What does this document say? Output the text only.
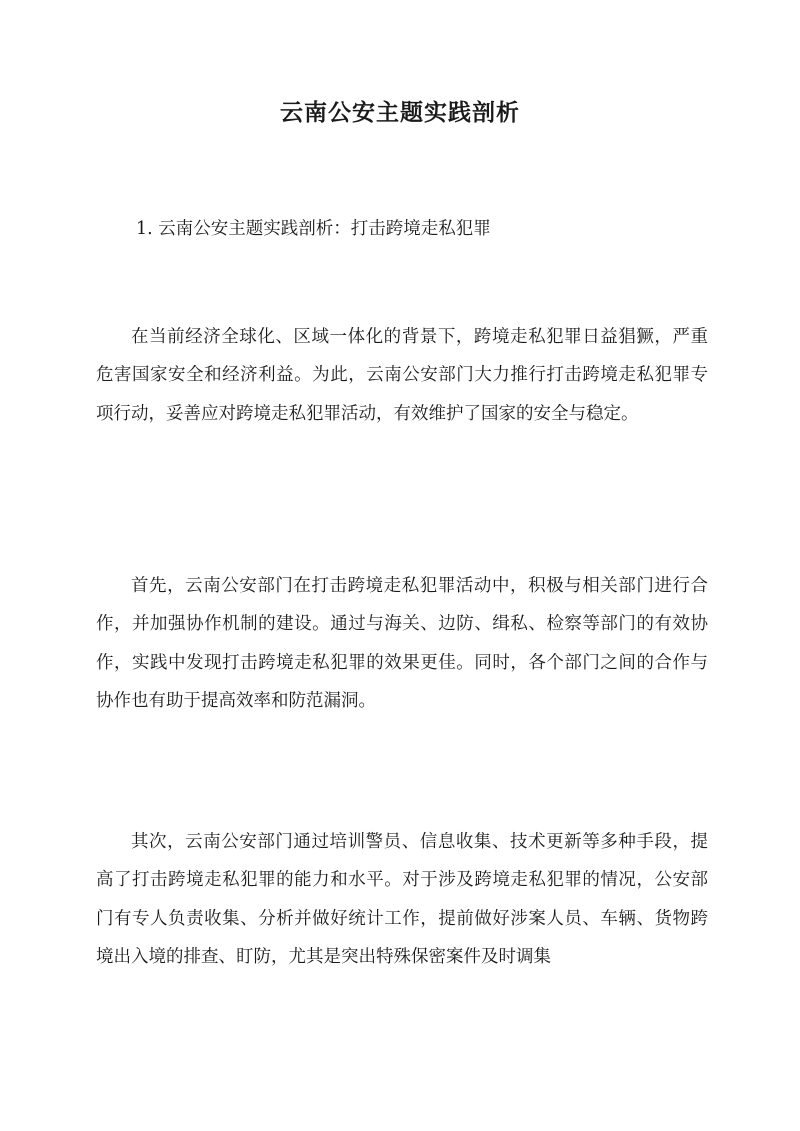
云南公安主题实践剖析
1. 云南公安主题实践剖析：打击跨境走私犯罪

在当前经济全球化、区域一体化的背景下，跨境走私犯罪日益猖獗，严重危害国家安全和经济利益。为此，云南公安部门大力推行打击跨境走私犯罪专项行动，妥善应对跨境走私犯罪活动，有效维护了国家的安全与稳定。

首先，云南公安部门在打击跨境走私犯罪活动中，积极与相关部门进行合作，并加强协作机制的建设。通过与海关、边防、缉私、检察等部门的有效协作，实践中发现打击跨境走私犯罪的效果更佳。同时，各个部门之间的合作与协作也有助于提高效率和防范漏洞。

其次，云南公安部门通过培训警员、信息收集、技术更新等多种手段，提高了打击跨境走私犯罪的能力和水平。对于涉及跨境走私犯罪的情况，公安部门有专人负责收集、分析并做好统计工作，提前做好涉案人员、车辆、货物跨境出入境的排查、盯防，尤其是突出特殊保密案件及时调集
